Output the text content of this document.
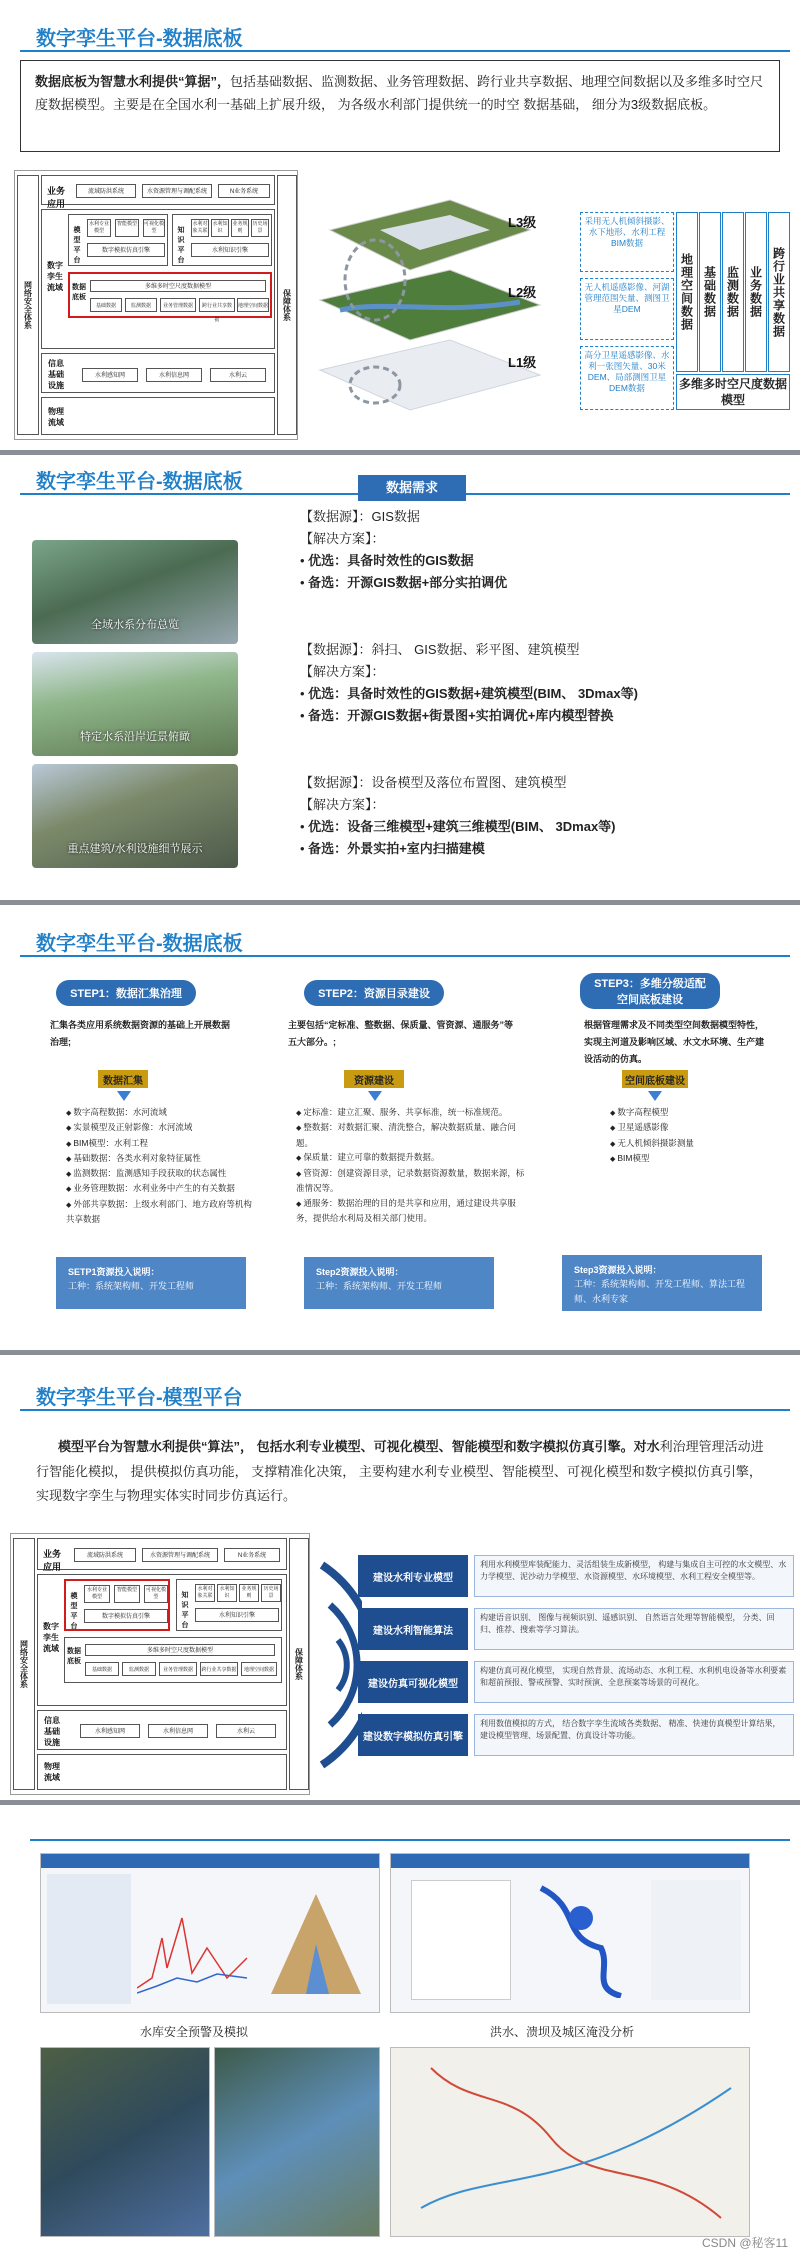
数字孪生平台-数据底板
数据底板为智慧水利提供“算据”，包括基础数据、监测数据、业务管理数据、跨行业共享数据、地理空间数据以及多维多时空尺度数据模型。主要是在全国水利一基础上扩展升级， 为各级水利部门提供统一的时空 数据基础， 细分为3级数据底板。
网络安全体系	保障体系
业务应用
流域防洪系统	水资源管理与调配系统	N业务系统
数字孪生流域
模型平台
水利专业模型
智能模型	可视化模型
数字模拟仿真引擎
知识平台
水利对象关联
水利知识
业务规则
历史场景
水利知识引擎
数据底板
多维多时空尺度数据模型
基础数据	监测数据	业务管理数据	跨行业共享数据
地理空间数据
信息基础设施
水利感知网	水利信息网	水利云
物理流域
L3级
L2级
L1级
采用无人机倾斜摄影、水下地形、水利工程BIM数据
无人机遥感影像、河湖管理范围矢量、测图卫星DEM
高分卫星遥感影像、水利一张图矢量、30米DEM、局部测图卫星DEM数据
地理空间数据 基础数据 监测数据 业务数据 跨行业共享数据
多维多时空尺度数据模型
数字孪生平台-数据底板	数据需求
全域水系分布总览
特定水系沿岸近景俯瞰
重点建筑/水利设施细节展示
【数据源】：GIS数据
【解决方案】：
• 优选：具备时效性的GIS数据
• 备选：开源GIS数据+部分实拍调优
【数据源】：斜扫、 GIS数据、彩平图、建筑模型
【解决方案】：
• 优选：具备时效性的GIS数据+建筑模型(BIM、 3Dmax等)
• 备选：开源GIS数据+街景图+实拍调优+库内模型替换
【数据源】：设备模型及落位布置图、建筑模型
【解决方案】：
• 优选：设备三维模型+建筑三维模型(BIM、 3Dmax等)
• 备选：外景实拍+室内扫描建模
数字孪生平台-数据底板
STEP1：数据汇集治理
汇集各类应用系统数据资源的基础上开展数据治理;
数据汇集
◆ 数字高程数据：水河流域
◆ 实景模型及正射影像：水河流域
◆ BIM模型：水利工程
◆ 基础数据：各类水利对象特征属性
◆ 监测数据：监测感知手段获取的状态属性
◆ 业务管理数据：水利业务中产生的有关数据
◆ 外部共享数据：上级水利部门、地方政府等机构共享数据
SETP1资源投入说明：
工种：系统架构师、开发工程师
STEP2：资源目录建设
主要包括“定标准、整数据、保质量、管资源、通服务”等五大部分。;
资源建设
◆ 定标准：建立汇聚、服务、共享标准，统一标准规范。
◆ 整数据：对数据汇聚、清洗整合，解决数据质量、融合问题。
◆ 保质量：建立可靠的数据提升数据。
◆ 管资源：创建资源目录，记录数据资源数量，数据来源，标准情况等。
◆ 通服务：数据治理的目的是共享和应用，通过建设共享服务，提供给水利局及相关部门使用。
Step2资源投入说明：
工种：系统架构师、开发工程师
STEP3：多维分级适配空间底板建设
根据管理需求及不同类型空间数据模型特性，实现主河道及影响区域、水文水环境、生产建设活动的仿真。
空间底板建设
◆ 数字高程模型
◆ 卫星遥感影像
◆ 无人机倾斜摄影测量
◆ BIM模型
Step3资源投入说明：
工种：系统架构师、开发工程师、算法工程师、水利专家
数字孪生平台-模型平台
模型平台为智慧水利提供“算法”， 包括水利专业模型、可视化模型、智能模型和数字模拟仿真引擎。对水利治理管理活动进行智能化模拟， 提供模拟仿真功能， 支撑精准化决策， 主要构建水利专业模型、智能模型、可视化模型和数字模拟仿真引擎， 实现数字孪生与物理实体实时同步仿真运行。
网络安全体系	保障体系
业务应用
流域防洪系统	水资源管理与调配系统	N业务系统
数字孪生流域
模型平台
水利专业模型
智能模型	可视化模型
数字模拟仿真引擎
知识平台
水利对象关联
水利知识
业务规则
历史场景
水利知识引擎
数据底板
多维多时空尺度数据模型
基础数据	监测数据	业务管理数据	跨行业共享数据	地理空间数据
信息基础设施
水利感知网	水利信息网	水利云
物理流域
建设水利专业模型
利用水利模型库装配能力、灵活组装生成新模型， 构建与集成自主可控的水文模型、水力学模型、泥沙动力学模型、水资源模型、水环境模型、水利工程安全模型等。
建设水利智能算法
构建语音识别、 图像与视频识别、遥感识别、 自然语言处理等智能模型， 分类、回归、推荐、搜索等学习算法。
建设仿真可视化模型
构建仿真可视化模型， 实现自然背景、流场动态、水利工程、水利机电设备等水利要素和超前预报、警戒预警、实时预演、全息预案等场景的可视化。
建设数字模拟仿真引擎
利用数值模拟的方式， 结合数字孪生流域各类数据、 精准、快速仿真模型计算结果， 建设模型管理、场景配置、仿真设计等功能。
水库安全预警及模拟	洪水、溃坝及城区淹没分析
CSDN @秘客11
